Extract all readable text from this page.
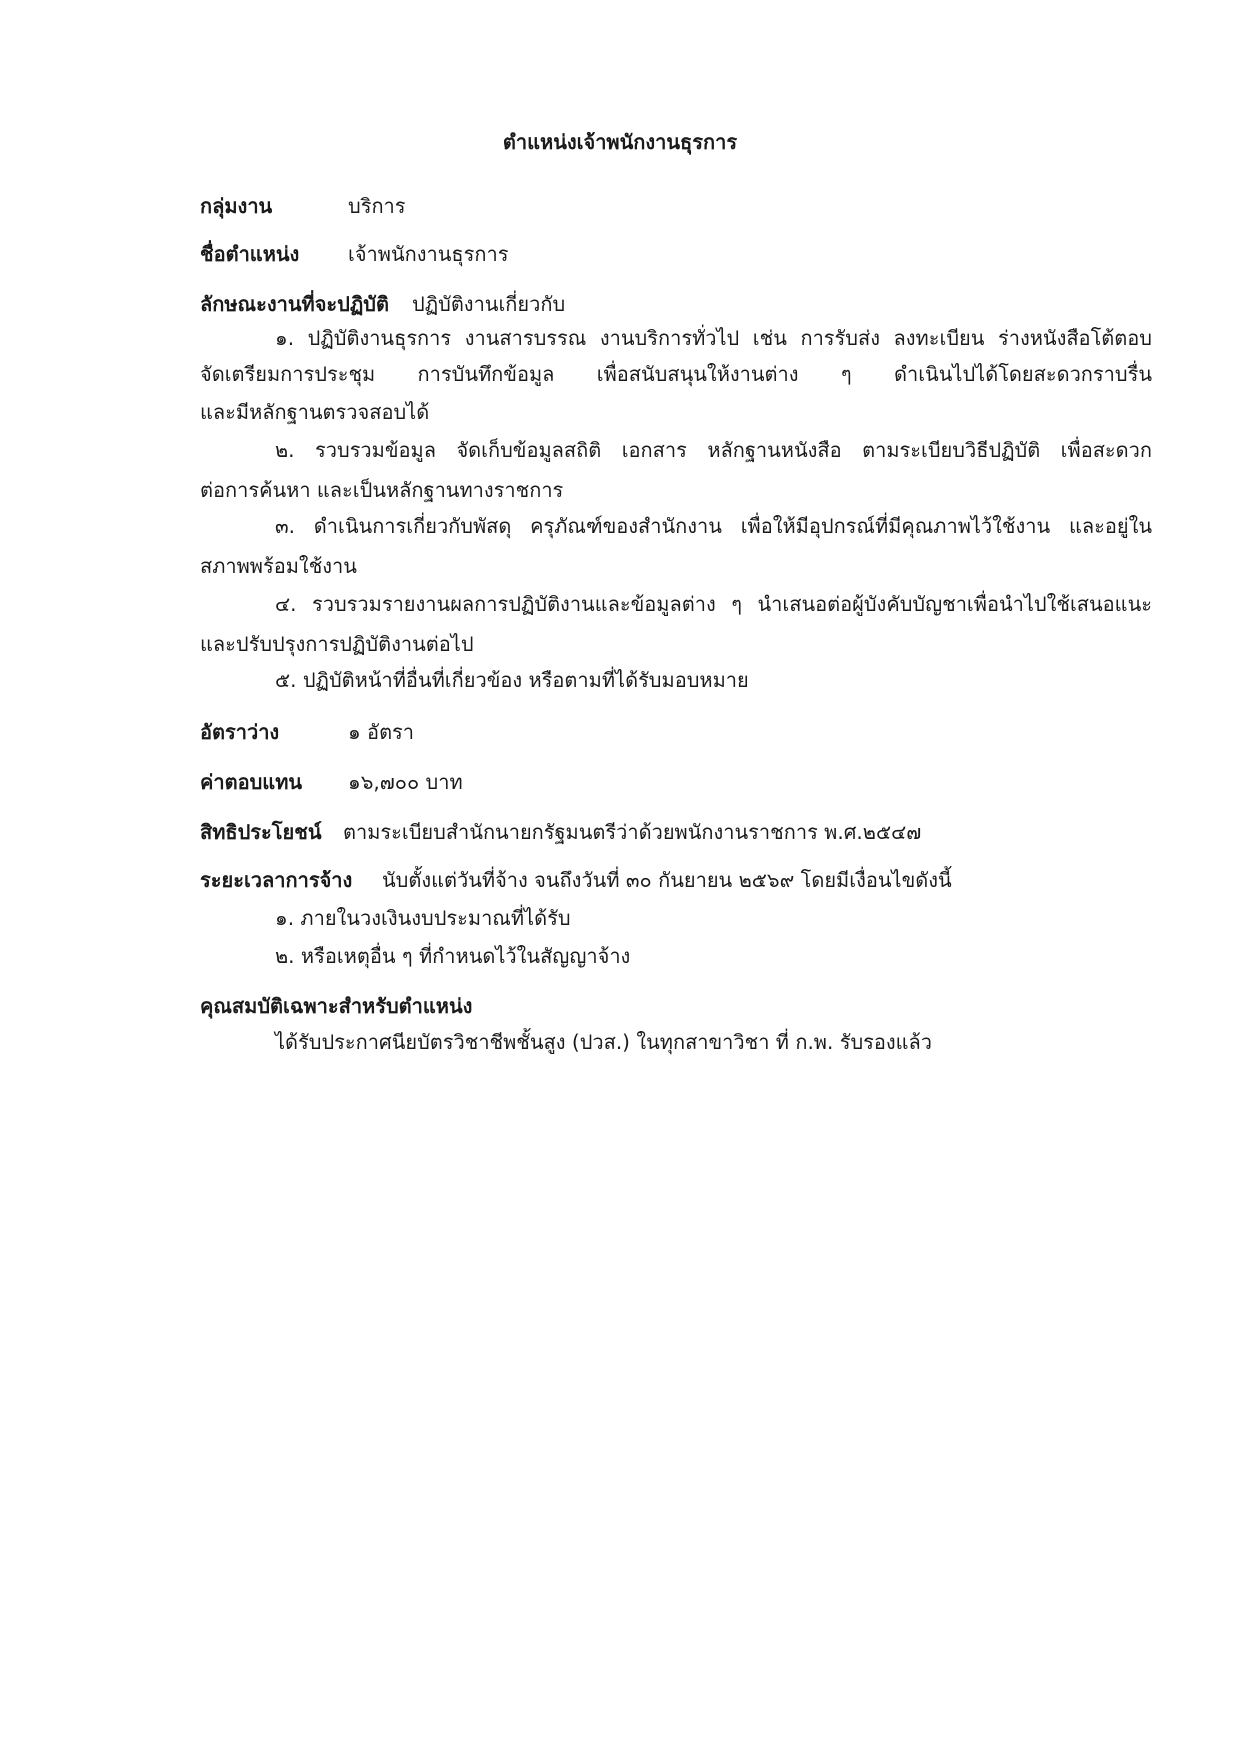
ตำแหน่งเจ้าพนักงานธุรการ
กลุ่มงาน	บริการ
ชื่อตำแหน่ง เจ้าพนักงานธุรการ
ลักษณะงานที่จะปฏิบัติ ปฏิบัติงานเกี่ยวกับ
๑. ปฏิบัติงานธุรการ งานสารบรรณ งานบริการทั่วไป เช่น การรับส่ง ลงทะเบียน ร่างหนังสือโต้ตอบ
จัดเตรียมการประชุม การบันทึกข้อมูล เพื่อสนับสนุนให้งานต่าง ๆ ดำเนินไปได้โดยสะดวกราบรื่น
และมีหลักฐานตรวจสอบได้
๒. รวบรวมข้อมูล จัดเก็บข้อมูลสถิติ เอกสาร หลักฐานหนังสือ ตามระเบียบวิธีปฏิบัติ เพื่อสะดวก
ต่อการค้นหา และเป็นหลักฐานทางราชการ
๓. ดำเนินการเกี่ยวกับพัสดุ ครุภัณฑ์ของสำนักงาน เพื่อให้มีอุปกรณ์ที่มีคุณภาพไว้ใช้งาน และอยู่ใน
สภาพพร้อมใช้งาน
๔. รวบรวมรายงานผลการปฏิบัติงานและข้อมูลต่าง ๆ นำเสนอต่อผู้บังคับบัญชาเพื่อนำไปใช้เสนอแนะ
และปรับปรุงการปฏิบัติงานต่อไป
๕. ปฏิบัติหน้าที่อื่นที่เกี่ยวข้อง หรือตามที่ได้รับมอบหมาย
อัตราว่าง	๑ อัตรา
ค่าตอบแทน ๑๖,๗๐๐ บาท
สิทธิประโยชน์ ตามระเบียบสำนักนายกรัฐมนตรีว่าด้วยพนักงานราชการ พ.ศ.๒๕๔๗
ระยะเวลาการจ้าง นับตั้งแต่วันที่จ้าง จนถึงวันที่ ๓๐ กันยายน ๒๕๖๙ โดยมีเงื่อนไขดังนี้
๑. ภายในวงเงินงบประมาณที่ได้รับ
๒. หรือเหตุอื่น ๆ ที่กำหนดไว้ในสัญญาจ้าง
คุณสมบัติเฉพาะสำหรับตำแหน่ง
ได้รับประกาศนียบัตรวิชาชีพชั้นสูง (ปวส.) ในทุกสาขาวิชา ที่ ก.พ. รับรองแล้ว
